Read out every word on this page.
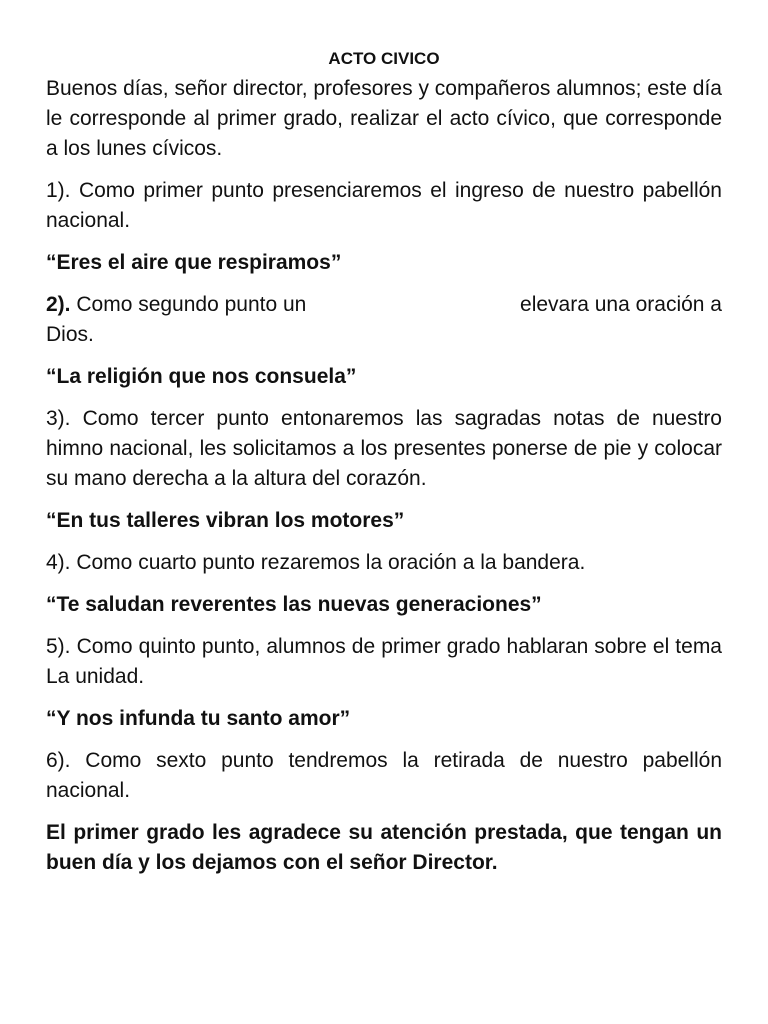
ACTO CIVICO

Buenos días, señor director, profesores y compañeros alumnos; este día le corresponde al primer grado, realizar el acto cívico, que corresponde a los lunes cívicos.

1). Como primer punto presenciaremos el ingreso de nuestro pabellón nacional.

“Eres el aire que respiramos”

2). Como segundo punto un	elevara una oración a
Dios.

“La religión que nos consuela”

3). Como tercer punto entonaremos las sagradas notas de nuestro himno nacional, les solicitamos a los presentes ponerse de pie y colocar su mano derecha a la altura del corazón.

“En tus talleres vibran los motores”

4). Como cuarto punto rezaremos la oración a la bandera.

“Te saludan reverentes las nuevas generaciones”

5). Como quinto punto, alumnos de primer grado hablaran sobre el tema La unidad.

“Y nos infunda tu santo amor”

6). Como sexto punto tendremos la retirada de nuestro pabellón nacional.

El primer grado les agradece su atención prestada, que tengan un buen día y los dejamos con el señor Director.
